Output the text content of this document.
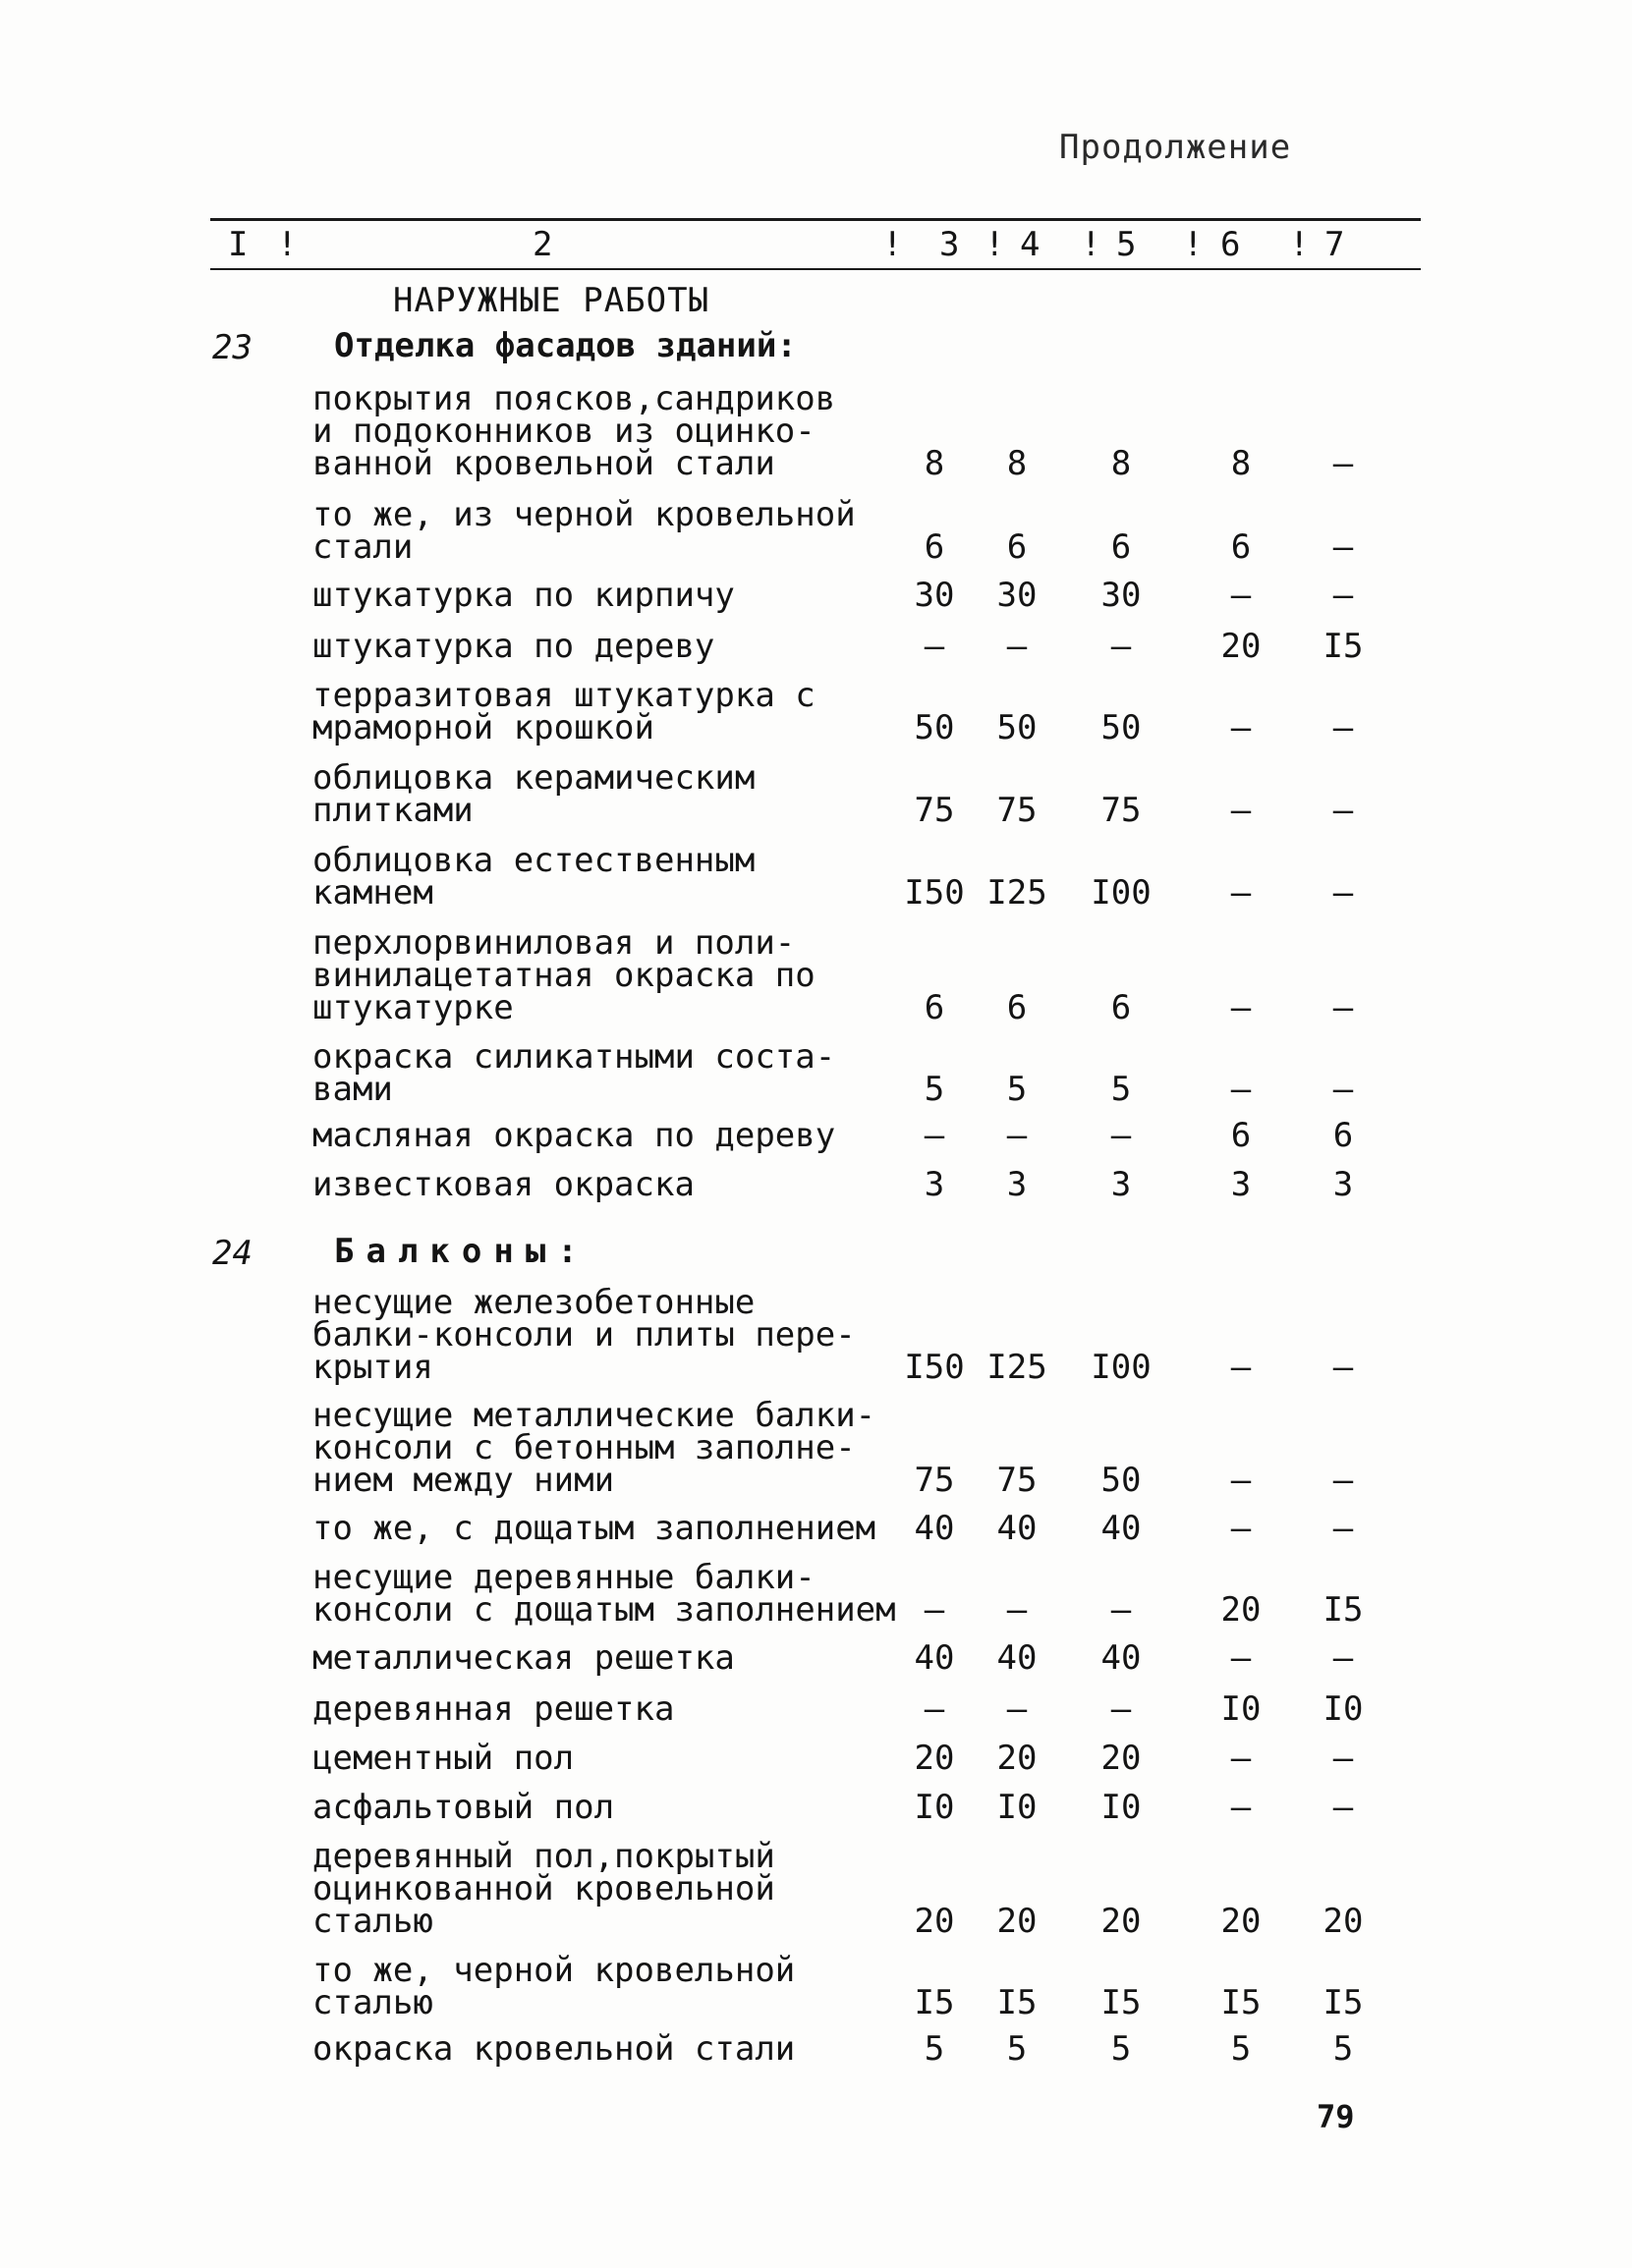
Продолжение
I !	2	! 3 ! 4 ! 5 ! 6 ! 7
НАРУЖНЫЕ РАБОТЫ
23 Отделка фасадов зданий:
покрытия поясков,сандриков
и подоконников из оцинко-
ванной кровельной стали	8	8	8	8	–
то же, из черной кровельной
стали	6	6	6	6	–
штукатурка по кирпичу	30	30	30	–	–
штукатурка по дереву	–	–	–	20	I5
терразитовая штукатурка с
мраморной крошкой	50	50	50	–	–
облицовка керамическим
плитками	75	75	75	–	–
облицовка естественным
камнем	I50 I25	I00	–	–
перхлорвиниловая и поли-
винилацетатная окраска по
штукатурке	6	6	6	–	–
окраска силикатными соста-
вами	5	5	5	–	–
масляная окраска по дереву	–	–	–	6	6
известковая окраска	3	3	3	3	3
24 Балконы:
несущие железобетонные
балки-консоли и плиты пере-
крытия	I50 I25	I00	–	–
несущие металлические балки-
консоли с бетонным заполне-
нием между ними	75	75	50	–	–
то же, с дощатым заполнением	40	40	40	–	–
несущие деревянные балки-
консоли с дощатым заполнением –	–	–	20	I5
металлическая решетка	40	40	40	–	–
деревянная решетка	–	–	–	I0	I0
цементный пол	20	20	20	–	–
асфальтовый пол	I0	I0	I0	–	–
деревянный пол,покрытый
оцинкованной кровельной
сталью	20	20	20	20	20
то же, черной кровельной
сталью	I5	I5	I5	I5	I5
окраска кровельной стали	5	5	5	5	5
79
